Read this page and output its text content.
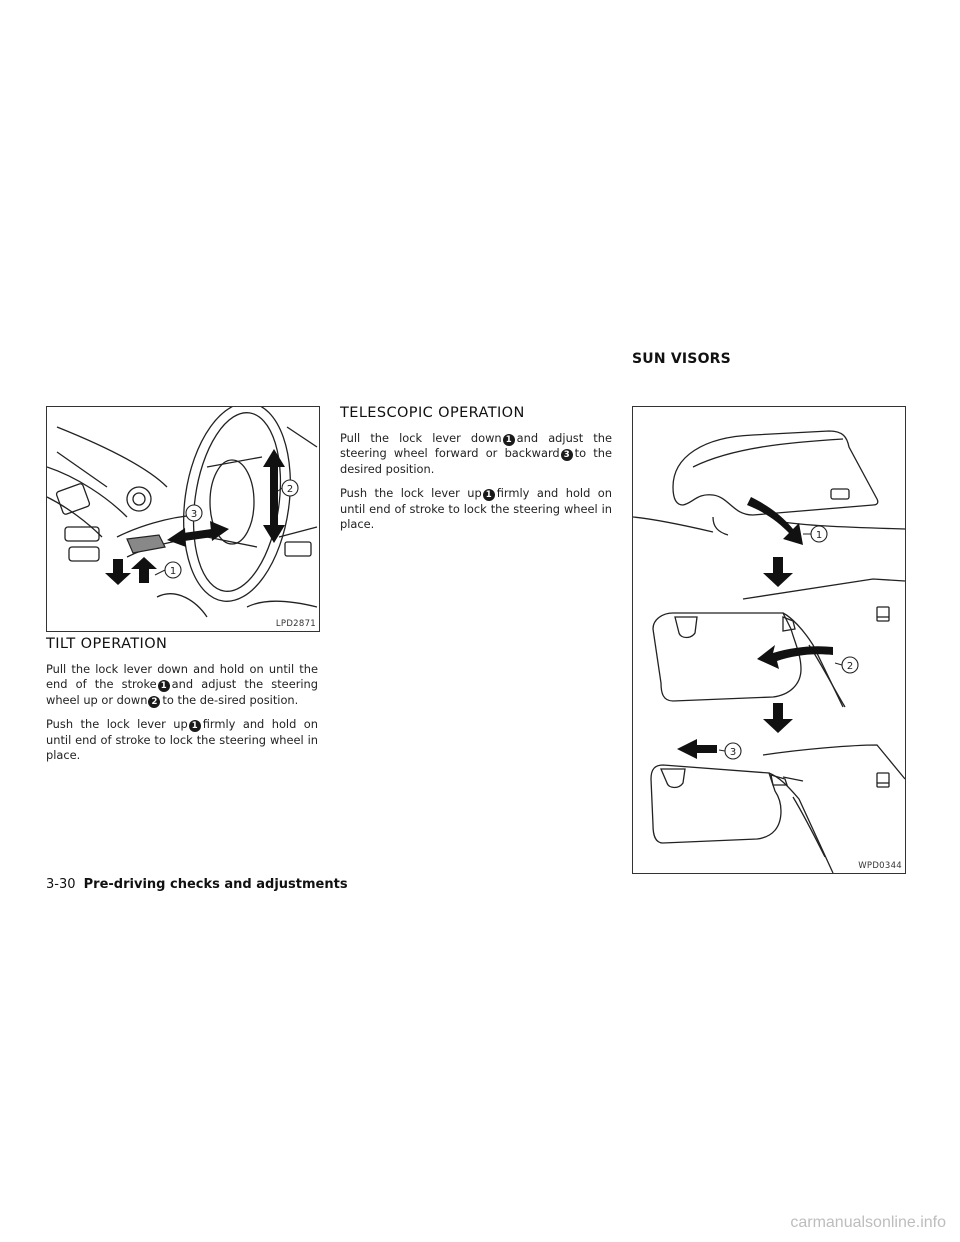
SUN VISORS
1
2
3
LPD2871
TILT OPERATION

Pull the lock lever down and hold on until the end of the stroke 1 and adjust the steering wheel up or down 2 to the de-sired position.

Push the lock lever up 1 firmly and hold on until end of stroke to lock the steering wheel in place.

TELESCOPIC OPERATION

Pull the lock lever down 1 and adjust the steering wheel forward or backward 3 to the desired position.

Push the lock lever up 1 firmly and hold on until end of stroke to lock the steering wheel in place.

1
2
3
WPD0344
3-30 Pre-driving checks and adjustments
carmanualsonline.info
